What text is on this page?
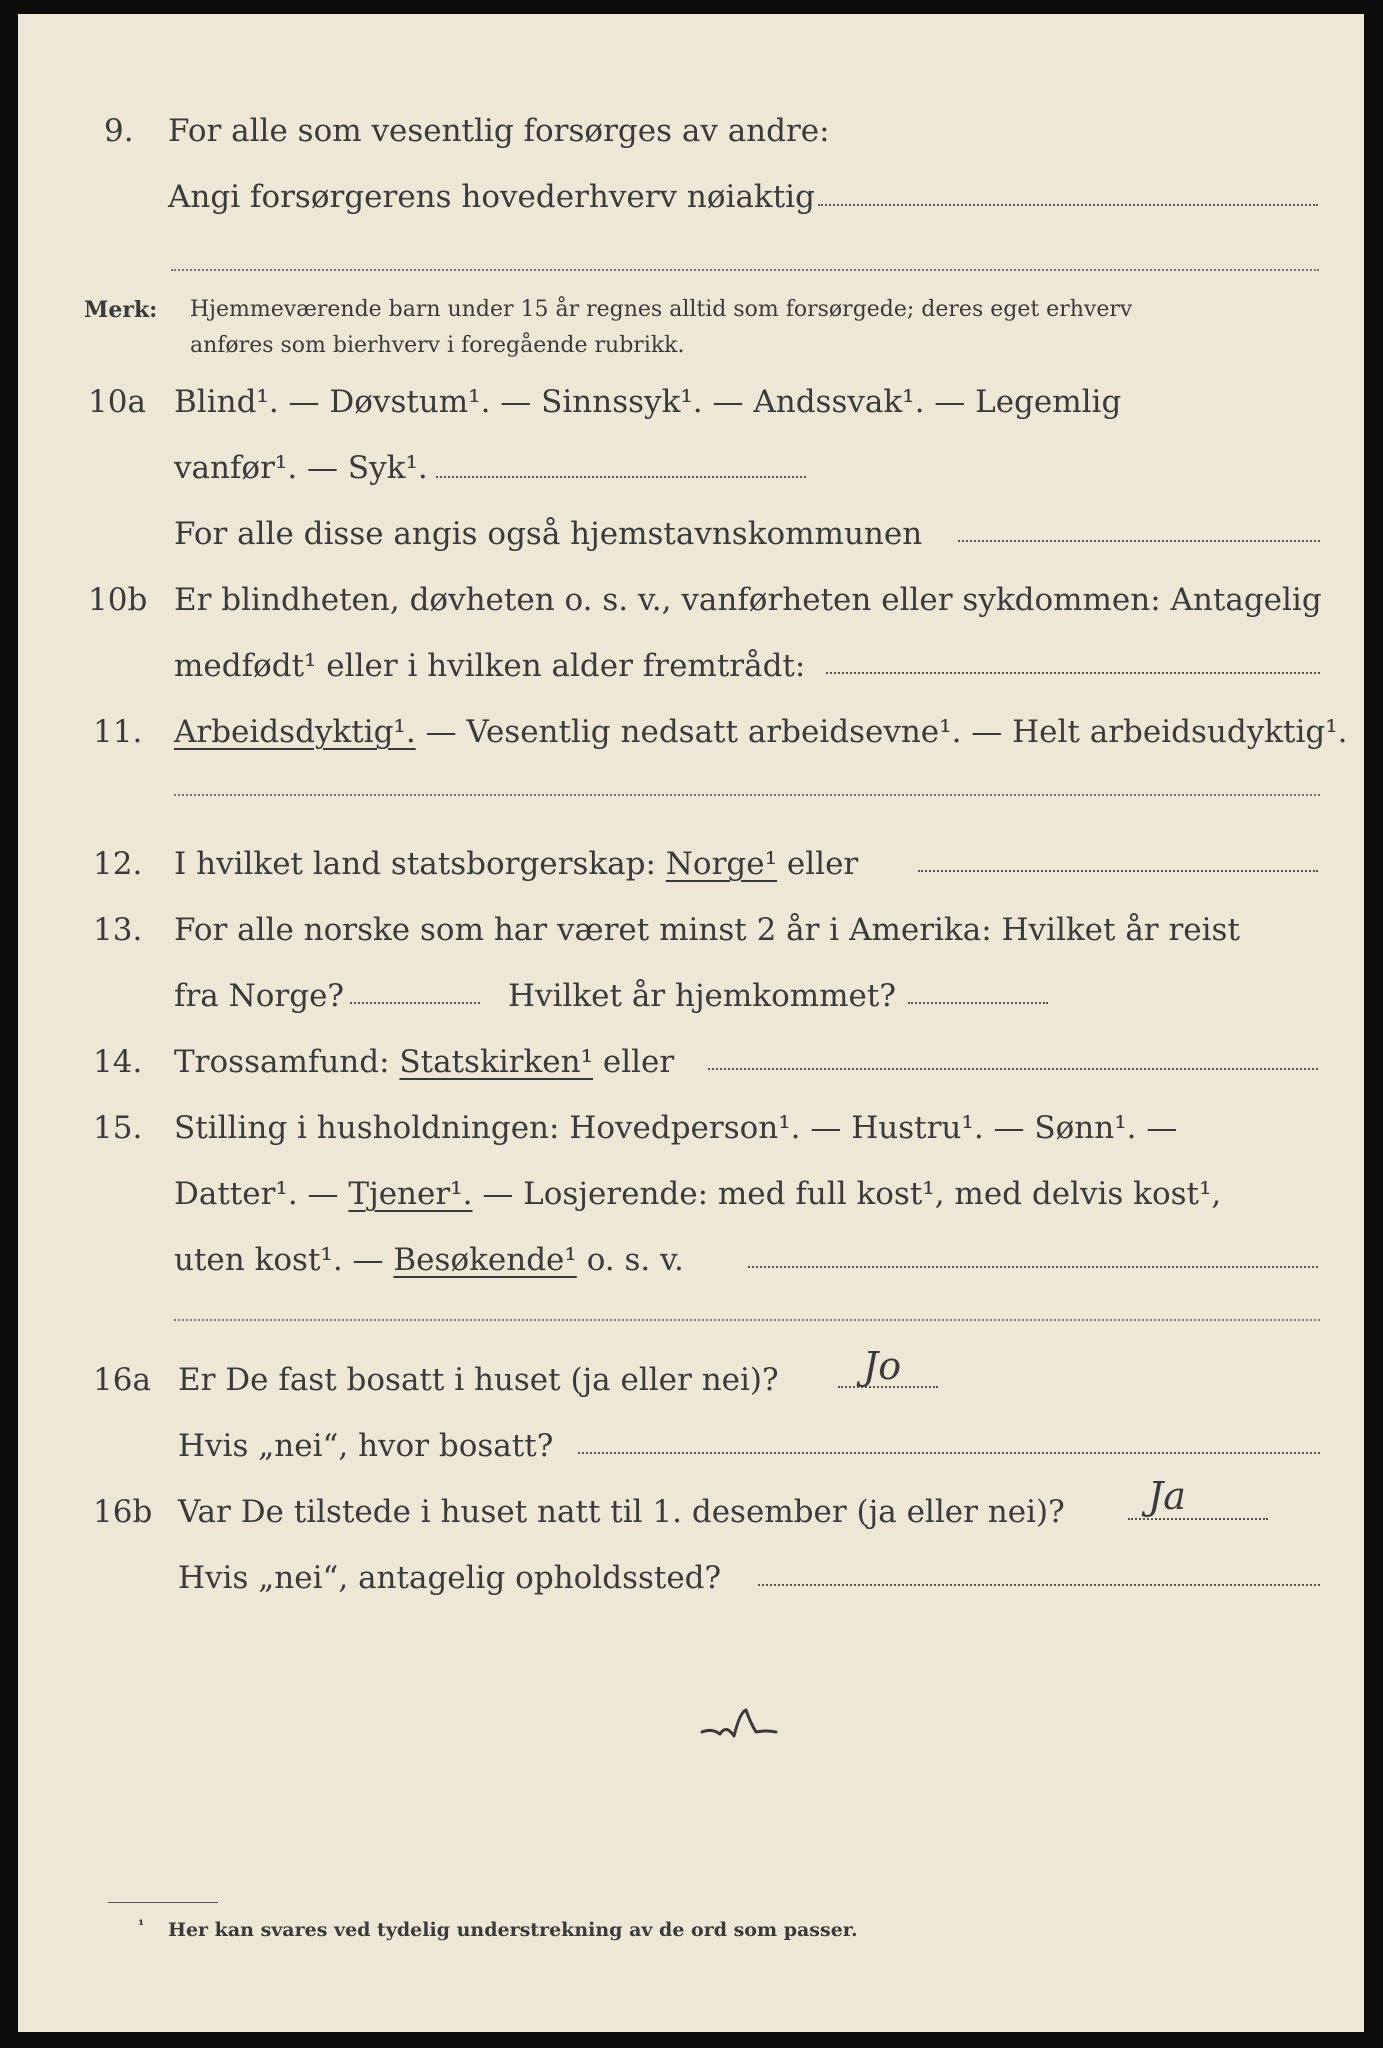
9. For alle som vesentlig forsørges av andre:
Angi forsørgerens hovederhverv nøiaktig
Merk: Hjemmeværende barn under 15 år regnes alltid som forsørgede; deres eget erhverv
anføres som bierhverv i foregående rubrikk.
10a Blind¹. — Døvstum¹. — Sinnssyk¹. — Andssvak¹. — Legemlig
vanfør¹. — Syk¹.
For alle disse angis også hjemstavnskommunen
10b Er blindheten, døvheten o. s. v., vanførheten eller sykdommen: Antagelig
medfødt¹ eller i hvilken alder fremtrådt:
11. Arbeidsdyktig¹. — Vesentlig nedsatt arbeidsevne¹. — Helt arbeidsudyktig¹.
12. I hvilket land statsborgerskap: Norge¹ eller
13. For alle norske som har været minst 2 år i Amerika: Hvilket år reist
fra Norge?	Hvilket år hjemkommet?
14. Trossamfund: Statskirken¹ eller
15. Stilling i husholdningen: Hovedperson¹. — Hustru¹. — Sønn¹. —
Datter¹. — Tjener¹. — Losjerende: med full kost¹, med delvis kost¹,
uten kost¹. — Besøkende¹ o. s. v.
16a Er De fast bosatt i huset (ja eller nei)? Jo
Hvis „nei“, hvor bosatt?
16b Var De tilstede i huset natt til 1. desember (ja eller nei)? Ja
Hvis „nei“, antagelig opholdssted?
¹ Her kan svares ved tydelig understrekning av de ord som passer.
